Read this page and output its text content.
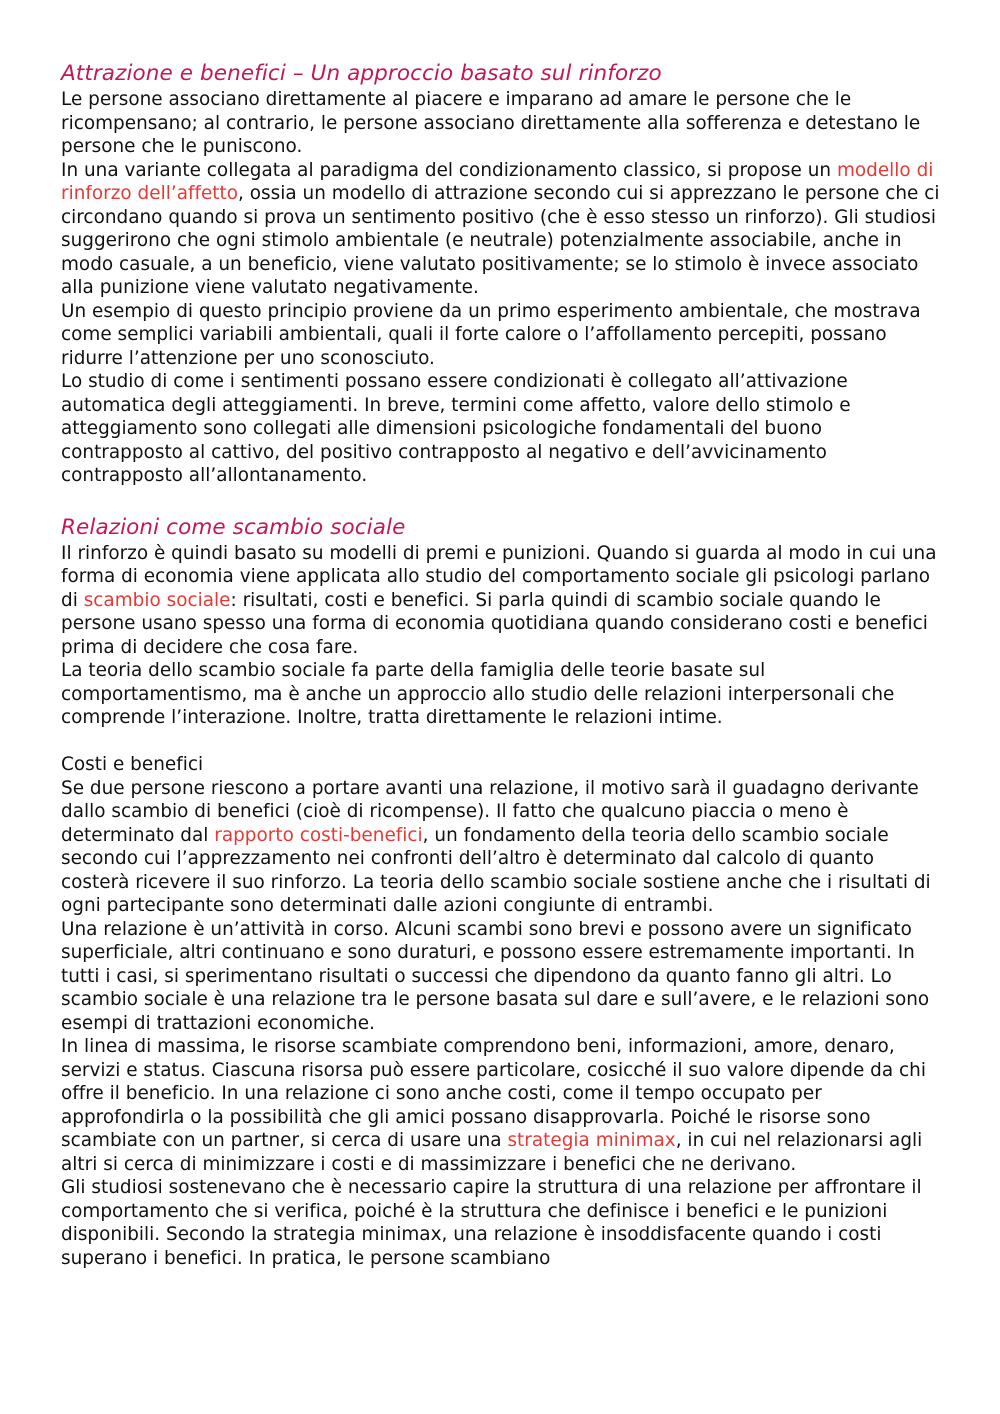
Attrazione e benefici – Un approccio basato sul rinforzo

Le persone associano direttamente al piacere e imparano ad amare le persone che le ricompensano; al contrario, le persone associano direttamente alla sofferenza e detestano le persone che le puniscono.

In una variante collegata al paradigma del condizionamento classico, si propose un modello di rinforzo dell’affetto, ossia un modello di attrazione secondo cui si apprezzano le persone che ci circondano quando si prova un sentimento positivo (che è esso stesso un rinforzo). Gli studiosi suggerirono che ogni stimolo ambientale (e neutrale) potenzialmente associabile, anche in modo casuale, a un beneficio, viene valutato positivamente; se lo stimolo è invece associato alla punizione viene valutato negativamente.

Un esempio di questo principio proviene da un primo esperimento ambientale, che mostrava come semplici variabili ambientali, quali il forte calore o l’affollamento percepiti, possano ridurre l’attenzione per uno sconosciuto.

Lo studio di come i sentimenti possano essere condizionati è collegato all’attivazione automatica degli atteggiamenti. In breve, termini come affetto, valore dello stimolo e atteggiamento sono collegati alle dimensioni psicologiche fondamentali del buono contrapposto al cattivo, del positivo contrapposto al negativo e dell’avvicinamento contrapposto all’allontanamento.

Relazioni come scambio sociale

Il rinforzo è quindi basato su modelli di premi e punizioni. Quando si guarda al modo in cui una forma di economia viene applicata allo studio del comportamento sociale gli psicologi parlano di scambio sociale: risultati, costi e benefici. Si parla quindi di scambio sociale quando le persone usano spesso una forma di economia quotidiana quando considerano costi e benefici prima di decidere che cosa fare.

La teoria dello scambio sociale fa parte della famiglia delle teorie basate sul comportamentismo, ma è anche un approccio allo studio delle relazioni interpersonali che comprende l’interazione. Inoltre, tratta direttamente le relazioni intime.

Costi e benefici

Se due persone riescono a portare avanti una relazione, il motivo sarà il guadagno derivante dallo scambio di benefici (cioè di ricompense). Il fatto che qualcuno piaccia o meno è determinato dal rapporto costi-benefici, un fondamento della teoria dello scambio sociale secondo cui l’apprezzamento nei confronti dell’altro è determinato dal calcolo di quanto costerà ricevere il suo rinforzo. La teoria dello scambio sociale sostiene anche che i risultati di ogni partecipante sono determinati dalle azioni congiunte di entrambi.

Una relazione è un’attività in corso. Alcuni scambi sono brevi e possono avere un significato superficiale, altri continuano e sono duraturi, e possono essere estremamente importanti. In tutti i casi, si sperimentano risultati o successi che dipendono da quanto fanno gli altri. Lo scambio sociale è una relazione tra le persone basata sul dare e sull’avere, e le relazioni sono esempi di trattazioni economiche.

In linea di massima, le risorse scambiate comprendono beni, informazioni, amore, denaro, servizi e status. Ciascuna risorsa può essere particolare, cosicché il suo valore dipende da chi offre il beneficio. In una relazione ci sono anche costi, come il tempo occupato per approfondirla o la possibilità che gli amici possano disapprovarla. Poiché le risorse sono scambiate con un partner, si cerca di usare una strategia minimax, in cui nel relazionarsi agli altri si cerca di minimizzare i costi e di massimizzare i benefici che ne derivano.

Gli studiosi sostenevano che è necessario capire la struttura di una relazione per affrontare il comportamento che si verifica, poiché è la struttura che definisce i benefici e le punizioni disponibili. Secondo la strategia minimax, una relazione è insoddisfacente quando i costi superano i benefici. In pratica, le persone scambiano
